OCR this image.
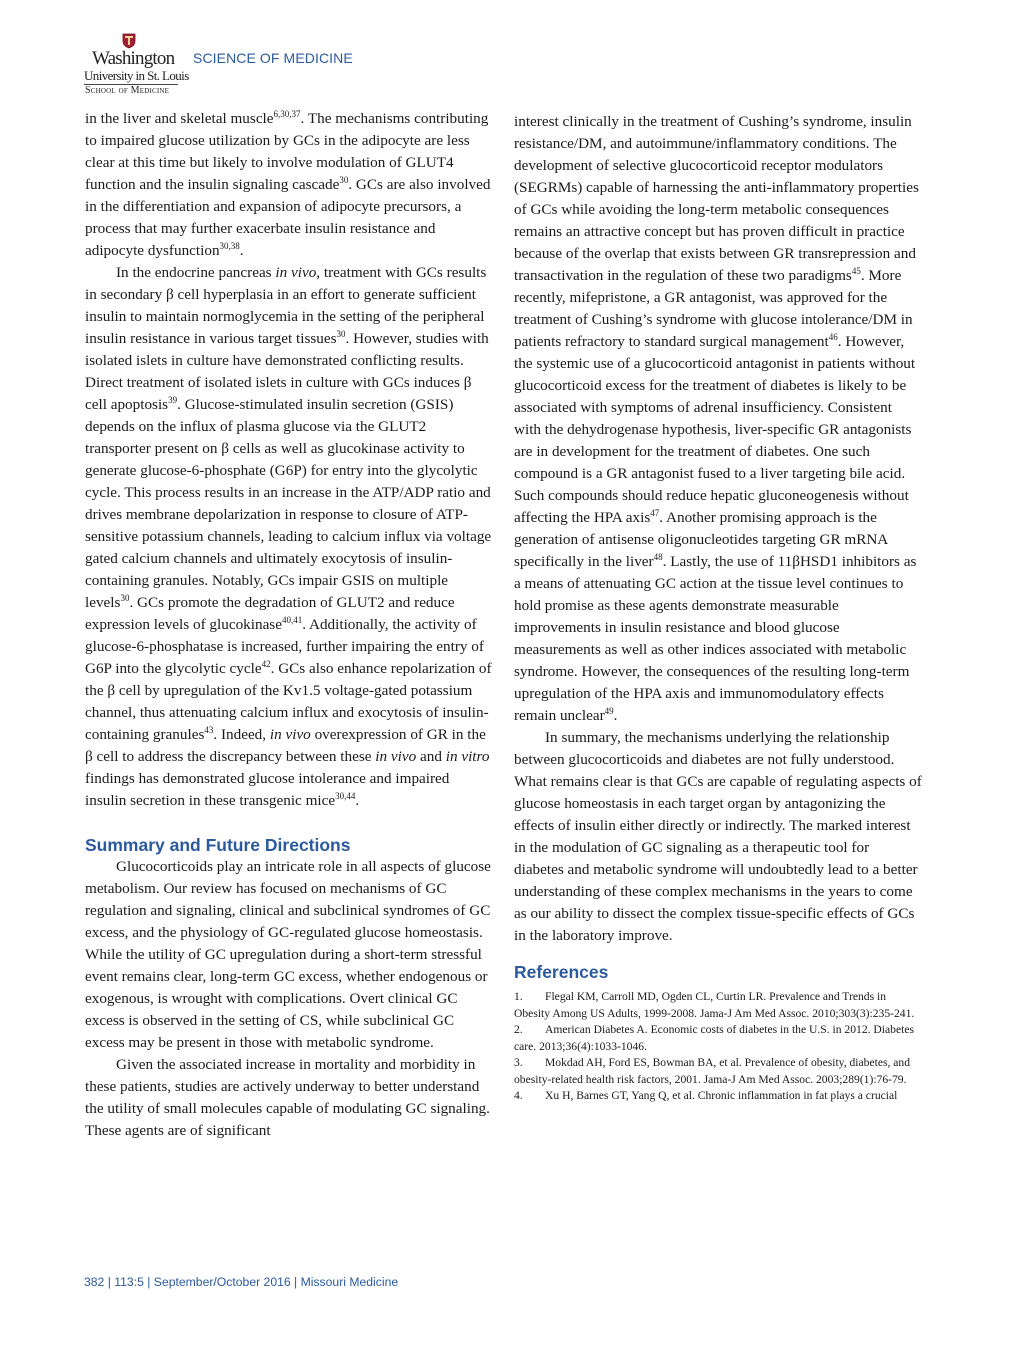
Washington
University in St. Louis
School of Medicine
SCIENCE OF MEDICINE

in the liver and skeletal muscle$^{6,30,37}$. The mechanisms contributing to impaired glucose utilization by GCs in the adipocyte are less clear at this time but likely to involve modulation of GLUT4 function and the insulin signaling cascade$^{30}$. GCs are also involved in the differentiation and expansion of adipocyte precursors, a process that may further exacerbate insulin resistance and adipocyte dysfunction$^{30,38}$.

In the endocrine pancreas in vivo, treatment with GCs results in secondary β cell hyperplasia in an effort to generate sufficient insulin to maintain normoglycemia in the setting of the peripheral insulin resistance in various target tissues$^{30}$. However, studies with isolated islets in culture have demonstrated conflicting results. Direct treatment of isolated islets in culture with GCs induces β cell apoptosis$^{39}$. Glucose-stimulated insulin secretion (GSIS) depends on the influx of plasma glucose via the GLUT2 transporter present on β cells as well as glucokinase activity to generate glucose-6-phosphate (G6P) for entry into the glycolytic cycle. This process results in an increase in the ATP/ADP ratio and drives membrane depolarization in response to closure of ATP-sensitive potassium channels, leading to calcium influx via voltage gated calcium channels and ultimately exocytosis of insulin-containing granules. Notably, GCs impair GSIS on multiple levels$^{30}$. GCs promote the degradation of GLUT2 and reduce expression levels of glucokinase$^{40,41}$. Additionally, the activity of glucose-6-phosphatase is increased, further impairing the entry of G6P into the glycolytic cycle$^{42}$. GCs also enhance repolarization of the β cell by upregulation of the Kv1.5 voltage-gated potassium channel, thus attenuating calcium influx and exocytosis of insulin-containing granules$^{43}$. Indeed, in vivo overexpression of GR in the β cell to address the discrepancy between these in vivo and in vitro findings has demonstrated glucose intolerance and impaired insulin secretion in these transgenic mice$^{30,44}$.

Summary and Future Directions

Glucocorticoids play an intricate role in all aspects of glucose metabolism. Our review has focused on mechanisms of GC regulation and signaling, clinical and subclinical syndromes of GC excess, and the physiology of GC-regulated glucose homeostasis. While the utility of GC upregulation during a short-term stressful event remains clear, long-term GC excess, whether endogenous or exogenous, is wrought with complications. Overt clinical GC excess is observed in the setting of CS, while subclinical GC excess may be present in those with metabolic syndrome.

Given the associated increase in mortality and morbidity in these patients, studies are actively underway to better understand the utility of small molecules capable of modulating GC signaling. These agents are of significant

interest clinically in the treatment of Cushing’s syndrome, insulin resistance/DM, and autoimmune/inflammatory conditions. The development of selective glucocorticoid receptor modulators (SEGRMs) capable of harnessing the anti-inflammatory properties of GCs while avoiding the long-term metabolic consequences remains an attractive concept but has proven difficult in practice because of the overlap that exists between GR transrepression and transactivation in the regulation of these two paradigms$^{45}$. More recently, mifepristone, a GR antagonist, was approved for the treatment of Cushing’s syndrome with glucose intolerance/DM in patients refractory to standard surgical management$^{46}$. However, the systemic use of a glucocorticoid antagonist in patients without glucocorticoid excess for the treatment of diabetes is likely to be associated with symptoms of adrenal insufficiency. Consistent with the dehydrogenase hypothesis, liver-specific GR antagonists are in development for the treatment of diabetes. One such compound is a GR antagonist fused to a liver targeting bile acid. Such compounds should reduce hepatic gluconeogenesis without affecting the HPA axis$^{47}$. Another promising approach is the generation of antisense oligonucleotides targeting GR mRNA specifically in the liver$^{48}$. Lastly, the use of 11βHSD1 inhibitors as a means of attenuating GC action at the tissue level continues to hold promise as these agents demonstrate measurable improvements in insulin resistance and blood glucose measurements as well as other indices associated with metabolic syndrome. However, the consequences of the resulting long-term upregulation of the HPA axis and immunomodulatory effects remain unclear$^{49}$.

In summary, the mechanisms underlying the relationship between glucocorticoids and diabetes are not fully understood. What remains clear is that GCs are capable of regulating aspects of glucose homeostasis in each target organ by antagonizing the effects of insulin either directly or indirectly. The marked interest in the modulation of GC signaling as a therapeutic tool for diabetes and metabolic syndrome will undoubtedly lead to a better understanding of these complex mechanisms in the years to come as our ability to dissect the complex tissue-specific effects of GCs in the laboratory improve.

References

1. Flegal KM, Carroll MD, Ogden CL, Curtin LR. Prevalence and Trends in Obesity Among US Adults, 1999-2008. Jama-J Am Med Assoc. 2010;303(3):235-241.

2. American Diabetes A. Economic costs of diabetes in the U.S. in 2012. Diabetes care. 2013;36(4):1033-1046.

3. Mokdad AH, Ford ES, Bowman BA, et al. Prevalence of obesity, diabetes, and obesity-related health risk factors, 2001. Jama-J Am Med Assoc. 2003;289(1):76-79.

4. Xu H, Barnes GT, Yang Q, et al. Chronic inflammation in fat plays a crucial

382 | 113:5 | September/October 2016 | Missouri Medicine
